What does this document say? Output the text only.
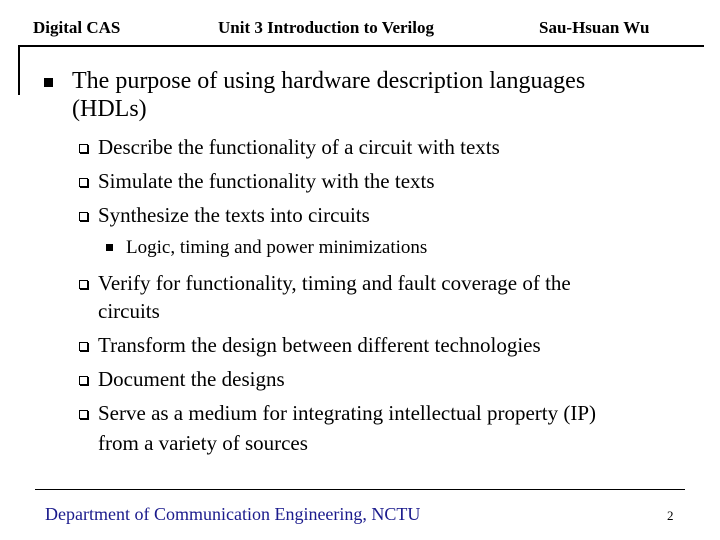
Digital CAS	Unit 3 Introduction to Verilog	Sau-Hsuan Wu
The purpose of using hardware description languages
(HDLs)
Describe the functionality of a circuit with texts
Simulate the functionality with the texts
Synthesize the texts into circuits
Logic, timing and power minimizations
Verify for functionality, timing and fault coverage of the
circuits
Transform the design between different technologies
Document the designs
Serve as a medium for integrating intellectual property (IP)
from a variety of sources
Department of Communication Engineering, NCTU	2
